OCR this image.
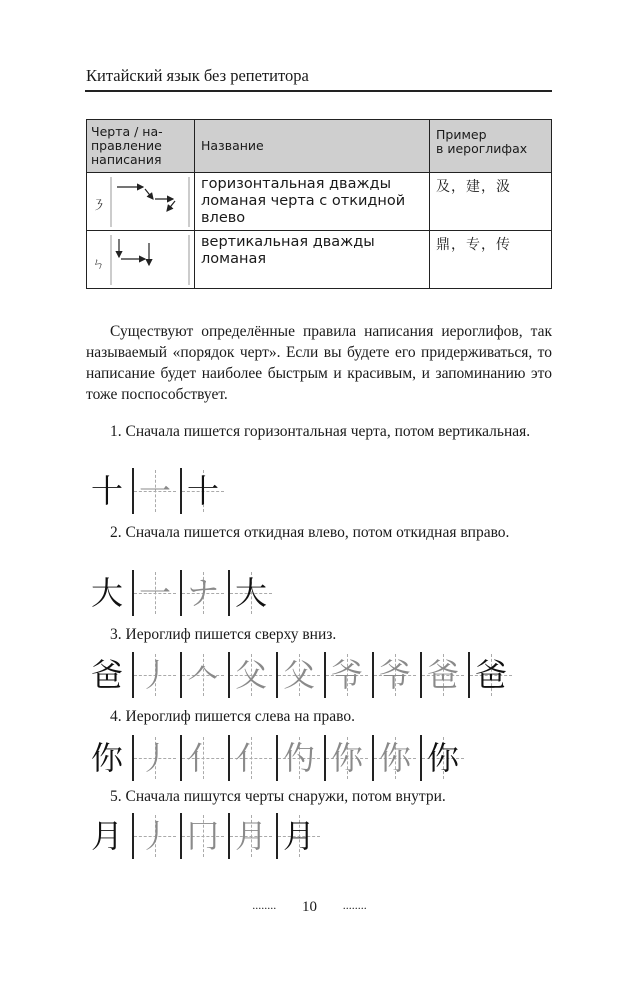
Китайский язык без репетитора
Черта / на-правление написания	Название	Пример
в иероглифах

㇋	горизонтальная дважды ломаная черта с откидной влево	及，建，汲

ㄣ	вертикальная дважды ломаная	鼎，专，传

Существуют определённые правила написания иероглифов, так называемый «порядок черт». Если вы будете его придерживаться, то написание будет наиболее быстрым и красивым, и запоминанию это тоже поспособствует.

1. Сначала пишется горизонтальная черта, потом вертикальная.
十 一 十
2. Сначала пишется откидная влево, потом откидная вправо.
大 一 ナ 大
3. Иероглиф пишется сверху вниз.
爸 丿 𠆢 父 父 爷 爷 爸 爸
4. Иероглиф пишется слева на право.
你 丿 亻 亻 仢 你 你 你
5. Сначала пишутся черты снаружи, потом внутри.
月 丿 冂 月 月
........ 10 ........
